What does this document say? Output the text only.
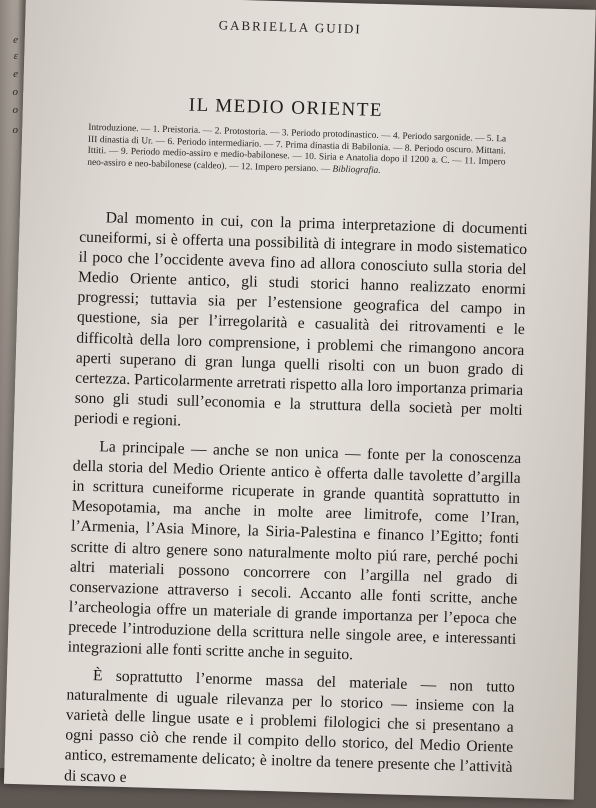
e
ε
e
o
o
o
GABRIELLA GUIDI
IL MEDIO ORIENTE
Introduzione. — 1. Preistoria. — 2. Protostoria. — 3. Periodo protodinastico. — 4. Periodo sargonide. — 5. La III dinastia di Ur. — 6. Periodo intermediario. — 7. Prima dinastia di Babilonia. — 8. Periodo oscuro. Mittani. Ittiti. — 9. Periodo medio-assiro e medio-babilonese. — 10. Siria e Anatolia dopo il 1200 a. C. — 11. Impero neo-assiro e neo-babilonese (caldeo). — 12. Impero persiano. — Bibliografia.

Dal momento in cui, con la prima interpretazione di documenti cuneiformi, si è offerta una possibilità di integrare in modo sistematico il poco che l’occidente aveva fino ad allora conosciuto sulla storia del Medio Oriente antico, gli studi storici hanno realizzato enormi progressi; tuttavia sia per l’estensione geografica del campo in questione, sia per l’irregolarità e casualità dei ritrovamenti e le difficoltà della loro comprensione, i problemi che rimangono ancora aperti superano di gran lunga quelli risolti con un buon grado di certezza. Particolarmente arretrati rispetto alla loro importanza primaria sono gli studi sull’economia e la struttura della società per molti periodi e regioni.

La principale — anche se non unica — fonte per la conoscenza della storia del Medio Oriente antico è offerta dalle tavolette d’argilla in scrittura cuneiforme ricuperate in grande quantità soprattutto in Mesopotamia, ma anche in molte aree limitrofe, come l’Iran, l’Armenia, l’Asia Minore, la Siria-Palestina e financo l’Egitto; fonti scritte di altro genere sono naturalmente molto piú rare, perché pochi altri materiali possono concorrere con l’argilla nel grado di conservazione attraverso i secoli. Accanto alle fonti scritte, anche l’archeologia offre un materiale di grande importanza per l’epoca che precede l’introduzione della scrittura nelle singole aree, e interessanti integrazioni alle fonti scritte anche in seguito.

È soprattutto l’enorme massa del materiale — non tutto naturalmente di uguale rilevanza per lo storico — insieme con la varietà delle lingue usate e i problemi filologici che si presentano a ogni passo ciò che rende il compito dello storico, del Medio Oriente antico, estremamente delicato; è inoltre da tenere presente che l’attività di scavo e
